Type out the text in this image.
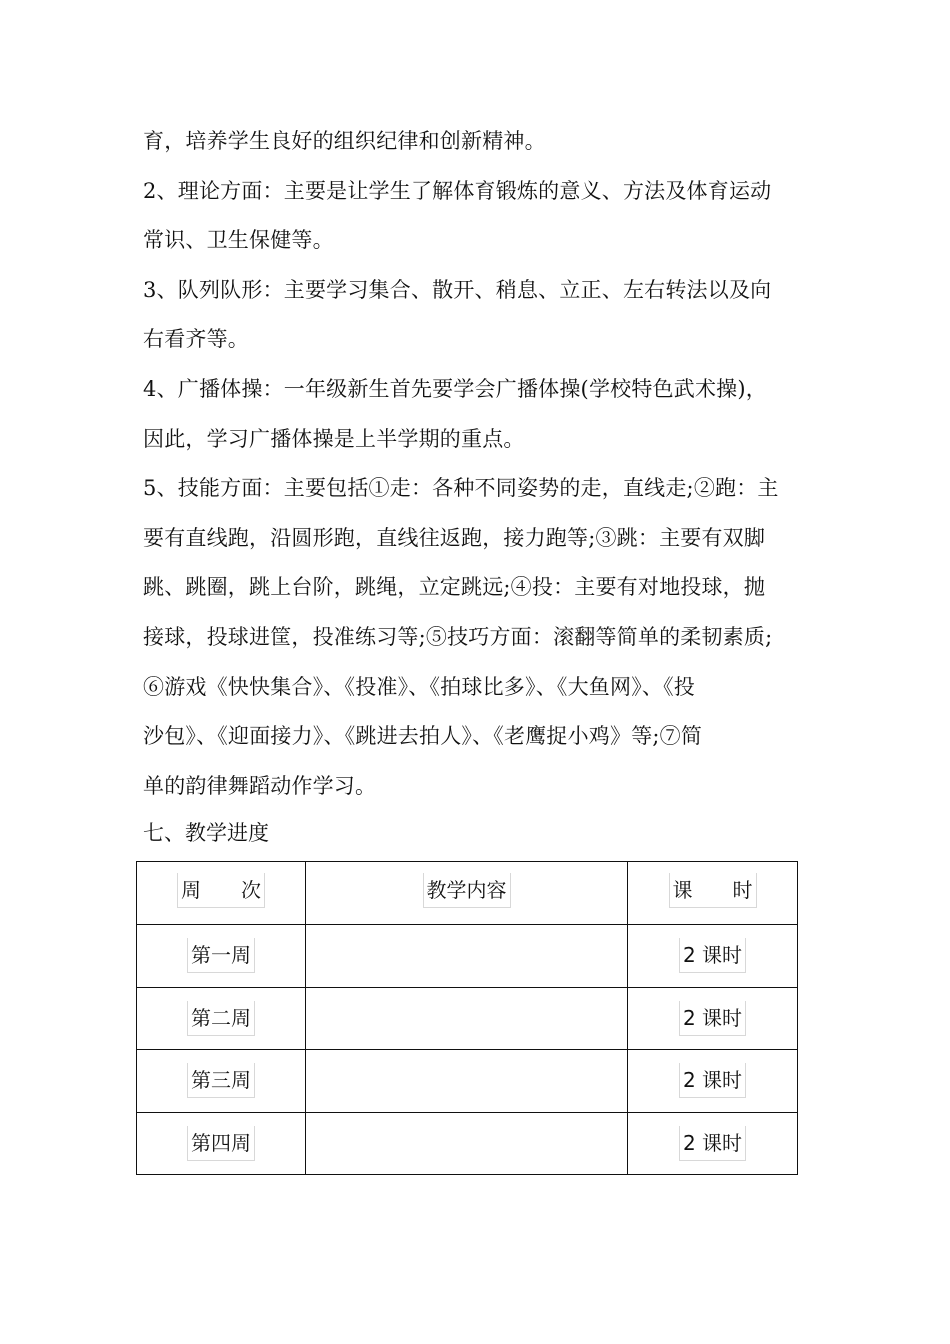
育，培养学生良好的组织纪律和创新精神。
2、理论方面：主要是让学生了解体育锻炼的意义、方法及体育运动
常识、卫生保健等。
3、队列队形：主要学习集合、散开、稍息、立正、左右转法以及向
右看齐等。
4、广播体操：一年级新生首先要学会广播体操(学校特色武术操)，
因此，学习广播体操是上半学期的重点。
5、技能方面：主要包括①走：各种不同姿势的走，直线走;②跑：主
要有直线跑，沿圆形跑，直线往返跑，接力跑等;③跳：主要有双脚
跳、跳圈，跳上台阶，跳绳，立定跳远;④投：主要有对地投球，抛
接球，投球进筐，投准练习等;⑤技巧方面：滚翻等简单的柔韧素质;
⑥游戏《快快集合》、《投准》、《拍球比多》、《大鱼网》、《投
沙包》、《迎面接力》、《跳进去拍人》、《老鹰捉小鸡》等;⑦简
单的韵律舞蹈动作学习。
七、教学进度
周　　次	教学内容	课　　时
第一周		2 课时
第二周		2 课时
第三周		2 课时
第四周		2 课时
